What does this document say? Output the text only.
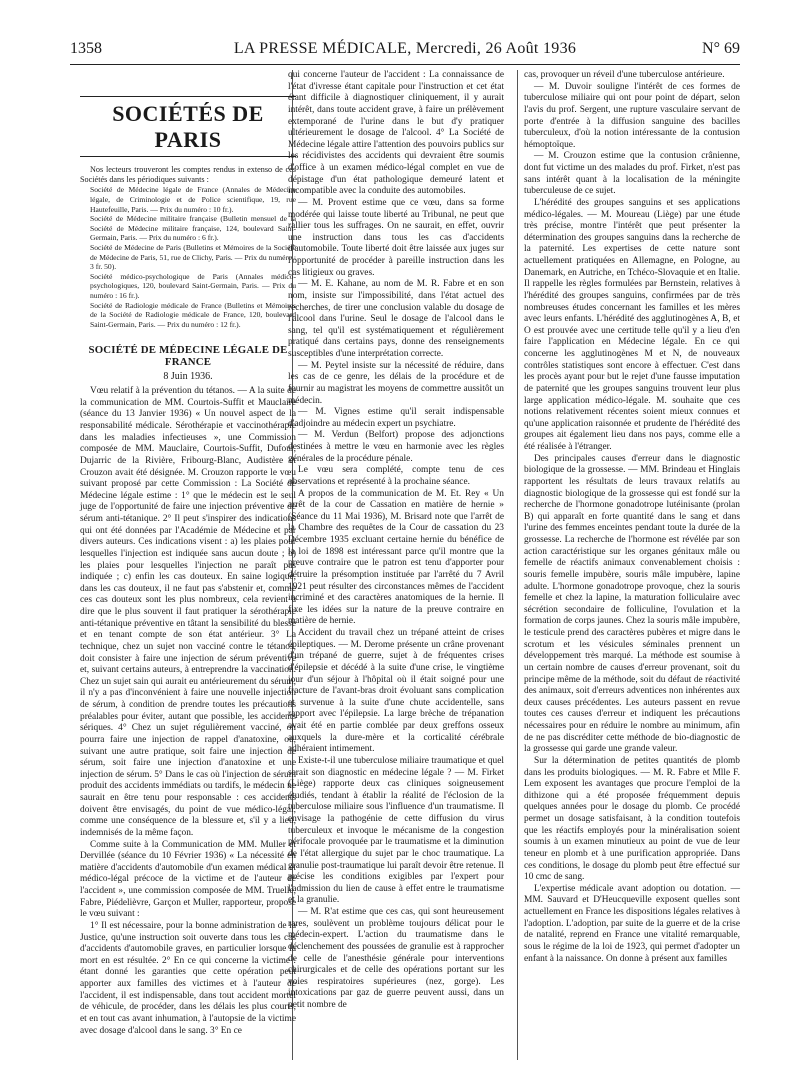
1358	LA PRESSE MÉDICALE, Mercredi, 26 Août 1936	N° 69
SOCIÉTÉS DE PARIS

Nos lecteurs trouveront les comptes rendus in extenso de ces Sociétés dans les périodiques suivants :

Société de Médecine légale de France (Annales de Médecine légale, de Criminologie et de Police scientifique, 19, rue Hautefeuille, Paris. — Prix du numéro : 10 fr.).

Société de Médecine militaire française (Bulletin mensuel de la Société de Médecine militaire française, 124, boulevard Saint-Germain, Paris. — Prix du numéro : 6 fr.).

Société de Médecine de Paris (Bulletins et Mémoires de la Société de Médecine de Paris, 51, rue de Clichy, Paris. — Prix du numéro : 3 fr. 50).

Société médico-psychologique de Paris (Annales médico-psychologiques, 120, boulevard Saint-Germain, Paris. — Prix du numéro : 16 fr.).

Société de Radiologie médicale de France (Bulletins et Mémoires de la Société de Radiologie médicale de France, 120, boulevard Saint-Germain, Paris. — Prix du numéro : 12 fr.).

SOCIÉTÉ DE MÉDECINE LÉGALE DE FRANCE
8 Juin 1936.

Vœu relatif à la prévention du tétanos. — A la suite de la communication de MM. Courtois-Suffit et Mauclaire (séance du 13 Janvier 1936) « Un nouvel aspect de la responsabilité médicale. Sérothérapie et vaccinothérapie dans les maladies infectieuses », une Commission composée de MM. Mauclaire, Courtois-Suffit, Dufour, Dujarric de la Rivière, Fribourg-Blanc, Audistère et Crouzon avait été désignée. M. Crouzon rapporte le vœu suivant proposé par cette Commission : La Société de Médecine légale estime : 1° que le médecin est le seul juge de l'opportunité de faire une injection préventive de sérum anti-tétanique. 2° Il peut s'inspirer des indications qui ont été données par l'Académie de Médecine et par divers auteurs. Ces indications visent : a) les plaies pour lesquelles l'injection est indiquée sans aucun doute ; b) les plaies pour lesquelles l'injection ne paraît pas indiquée ; c) enfin les cas douteux. En saine logique, dans les cas douteux, il ne faut pas s'abstenir et, comme ces cas douteux sont les plus nombreux, cela revient à dire que le plus souvent il faut pratiquer la sérothérapie anti-tétanique préventive en tâtant la sensibilité du blessé et en tenant compte de son état antérieur. 3° La technique, chez un sujet non vacciné contre le tétanos, doit consister à faire une injection de sérum préventive et, suivant certains auteurs, à entreprendre la vaccination. Chez un sujet sain qui aurait eu antérieurement du sérum, il n'y a pas d'inconvénient à faire une nouvelle injection de sérum, à condition de prendre toutes les précautions préalables pour éviter, autant que possible, les accidents sériques. 4° Chez un sujet régulièrement vacciné, on pourra faire une injection de rappel d'anatoxine, ou, suivant une autre pratique, soit faire une injection de sérum, soit faire une injection d'anatoxine et une injection de sérum. 5° Dans le cas où l'injection de sérum produit des accidents immédiats ou tardifs, le médecin ne saurait en être tenu pour responsable : ces accidents doivent être envisagés, du point de vue médico-légal, comme une conséquence de la blessure et, s'il y a lieu, indemnisés de la même façon.

Comme suite à la Communication de MM. Muller et Dervillée (séance du 10 Février 1936) « La nécessité en matière d'accidents d'automobile d'un examen médical et médico-légal précoce de la victime et de l'auteur de l'accident », une commission composée de MM. Truelle, Fabre, Piédelièvre, Garçon et Muller, rapporteur, propose le vœu suivant :

1° Il est nécessaire, pour la bonne administration de la Justice, qu'une instruction soit ouverte dans tous les cas d'accidents d'automobile graves, en particulier lorsque la mort en est résultée. 2° En ce qui concerne la victime : étant donné les garanties que cette opération peut apporter aux familles des victimes et à l'auteur de l'accident, il est indispensable, dans tout accident mortel de véhicule, de procéder, dans les délais les plus courts, et en tout cas avant inhumation, à l'autopsie de la victime avec dosage d'alcool dans le sang. 3° En ce

qui concerne l'auteur de l'accident : La connaissance de l'état d'ivresse étant capitale pour l'instruction et cet état étant difficile à diagnostiquer cliniquement, il y aurait intérêt, dans toute accident grave, à faire un prélèvement extemporané de l'urine dans le but d'y pratiquer ultérieurement le dosage de l'alcool. 4° La Société de Médecine légale attire l'attention des pouvoirs publics sur les récidivistes des accidents qui devraient être soumis d'office à un examen médico-légal complet en vue de dépistage d'un état pathologique demeuré latent et incompatible avec la conduite des automobiles.

— M. Provent estime que ce vœu, dans sa forme modérée qui laisse toute liberté au Tribunal, ne peut que rallier tous les suffrages. On ne saurait, en effet, ouvrir une instruction dans tous les cas d'accidents d'automobile. Toute liberté doit être laissée aux juges sur l'opportunité de procéder à pareille instruction dans les cas litigieux ou graves.

— M. E. Kahane, au nom de M. R. Fabre et en son nom, insiste sur l'impossibilité, dans l'état actuel des recherches, de tirer une conclusion valable du dosage de l'alcool dans l'urine. Seul le dosage de l'alcool dans le sang, tel qu'il est systématiquement et régulièrement pratiqué dans certains pays, donne des renseignements susceptibles d'une interprétation correcte.

— M. Peytel insiste sur la nécessité de réduire, dans les cas de ce genre, les délais de la procédure et de fournir au magistrat les moyens de commettre aussitôt un médecin.

— M. Vignes estime qu'il serait indispensable d'adjoindre au médecin expert un psychiatre.

— M. Verdun (Belfort) propose des adjonctions destinées à mettre le vœu en harmonie avec les règles générales de la procédure pénale.

Le vœu sera complété, compte tenu de ces observations et représenté à la prochaine séance.

A propos de la communication de M. Et. Rey « Un arrêt de la cour de Cassation en matière de hernie » (Séance du 11 Mai 1936), M. Brisard note que l'arrêt de la Chambre des requêtes de la Cour de cassation du 23 Décembre 1935 excluant certaine hernie du bénéfice de la loi de 1898 est intéressant parce qu'il montre que la preuve contraire que le patron est tenu d'apporter pour détruire la présomption instituée par l'arrêté du 7 Avril 1921 peut résulter des circonstances mêmes de l'accident incriminé et des caractères anatomiques de la hernie. Il fixe les idées sur la nature de la preuve contraire en matière de hernie.

Accident du travail chez un trépané atteint de crises épileptiques. — M. Derome présente un crâne provenant d'un trépané de guerre, sujet à de fréquentes crises d'épilepsie et décédé à la suite d'une crise, le vingtième jour d'un séjour à l'hôpital où il était soigné pour une fracture de l'avant-bras droit évoluant sans complication et survenue à la suite d'une chute accidentelle, sans rapport avec l'épilepsie. La large brèche de trépanation avait été en partie comblée par deux greffons osseux auxquels la dure-mère et la corticalité cérébrale adhéraient intimement.

Existe-t-il une tuberculose miliaire traumatique et quel serait son diagnostic en médecine légale ? — M. Firket (Liège) rapporte deux cas cliniques soigneusement étudiés, tendant à établir la réalité de l'éclosion de la tuberculose miliaire sous l'influence d'un traumatisme. Il envisage la pathogénie de cette diffusion du virus tuberculeux et invoque le mécanisme de la congestion périfocale provoquée par le traumatisme et la diminution de l'état allergique du sujet par le choc traumatique. La granulie post-traumatique lui paraît devoir être retenue. Il précise les conditions exigibles par l'expert pour l'admission du lien de cause à effet entre le traumatisme et la granulie.

— M. R'at estime que ces cas, qui sont heureusement rares, soulèvent un problème toujours délicat pour le médecin-expert. L'action du traumatisme dans le déclenchement des poussées de granulie est à rapprocher de celle de l'anesthésie générale pour interventions chirurgicales et de celle des opérations portant sur les voies respiratoires supérieures (nez, gorge). Les intoxications par gaz de guerre peuvent aussi, dans un petit nombre de

cas, provoquer un réveil d'une tuberculose antérieure.

— M. Duvoir souligne l'intérêt de ces formes de tuberculose miliaire qui ont pour point de départ, selon l'avis du prof. Sergent, une rupture vasculaire servant de porte d'entrée à la diffusion sanguine des bacilles tuberculeux, d'où la notion intéressante de la contusion hémoptoïque.

— M. Crouzon estime que la contusion crânienne, dont fut victime un des malades du prof. Firket, n'est pas sans intérêt quant à la localisation de la méningite tuberculeuse de ce sujet.

L'hérédité des groupes sanguins et ses applications médico-légales. — M. Moureau (Liège) par une étude très précise, montre l'intérêt que peut présenter la détermination des groupes sanguins dans la recherche de la paternité. Les expertises de cette nature sont actuellement pratiquées en Allemagne, en Pologne, au Danemark, en Autriche, en Tchéco-Slovaquie et en Italie. Il rappelle les règles formulées par Bernstein, relatives à l'hérédité des groupes sanguins, confirmées par de très nombreuses études concernant les familles et les mères avec leurs enfants. L'hérédité des agglutinogènes A, B, et O est prouvée avec une certitude telle qu'il y a lieu d'en faire l'application en Médecine légale. En ce qui concerne les agglutinogènes M et N, de nouveaux contrôles statistiques sont encore à effectuer. C'est dans les procès ayant pour but le rejet d'une fausse imputation de paternité que les groupes sanguins trouvent leur plus large application médico-légale. M. souhaite que ces notions relativement récentes soient mieux connues et qu'une application raisonnée et prudente de l'hérédité des groupes ait également lieu dans nos pays, comme elle a été réalisée à l'étranger.

Des principales causes d'erreur dans le diagnostic biologique de la grossesse. — MM. Brindeau et Hinglais rapportent les résultats de leurs travaux relatifs au diagnostic biologique de la grossesse qui est fondé sur la recherche de l'hormone gonadotrope lutéinisante (prolan B) qui apparaît en forte quantité dans le sang et dans l'urine des femmes enceintes pendant toute la durée de la grossesse. La recherche de l'hormone est révélée par son action caractéristique sur les organes génitaux mâle ou femelle de réactifs animaux convenablement choisis : souris femelle impubère, souris mâle impubère, lapine adulte. L'hormone gonadotrope provoque, chez la souris femelle et chez la lapine, la maturation folliculaire avec sécrétion secondaire de folliculine, l'ovulation et la formation de corps jaunes. Chez la souris mâle impubère, le testicule prend des caractères pubères et migre dans le scrotum et les vésicules séminales prennent un développement très marqué. La méthode est soumise à un certain nombre de causes d'erreur provenant, soit du principe même de la méthode, soit du défaut de réactivité des animaux, soit d'erreurs adventices non inhérentes aux deux causes précédentes. Les auteurs passent en revue toutes ces causes d'erreur et indiquent les précautions nécessaires pour en réduire le nombre au minimum, afin de ne pas discréditer cette méthode de bio-diagnostic de la grossesse qui garde une grande valeur.

Sur la détermination de petites quantités de plomb dans les produits biologiques. — M. R. Fabre et Mlle F. Lem exposent les avantages que procure l'emploi de la dithizone qui a été proposée fréquemment depuis quelques années pour le dosage du plomb. Ce procédé permet un dosage satisfaisant, à la condition toutefois que les réactifs employés pour la minéralisation soient soumis à un examen minutieux au point de vue de leur teneur en plomb et à une purification appropriée. Dans ces conditions, le dosage du plomb peut être effectué sur 10 cmc de sang.

L'expertise médicale avant adoption ou dotation. — MM. Sauvard et D'Heucqueville exposent quelles sont actuellement en France les dispositions légales relatives à l'adoption. L'adoption, par suite de la guerre et de la crise de natalité, reprend en France une vitalité remarquable, sous le régime de la loi de 1923, qui permet d'adopter un enfant à la naissance. On donne à présent aux familles
